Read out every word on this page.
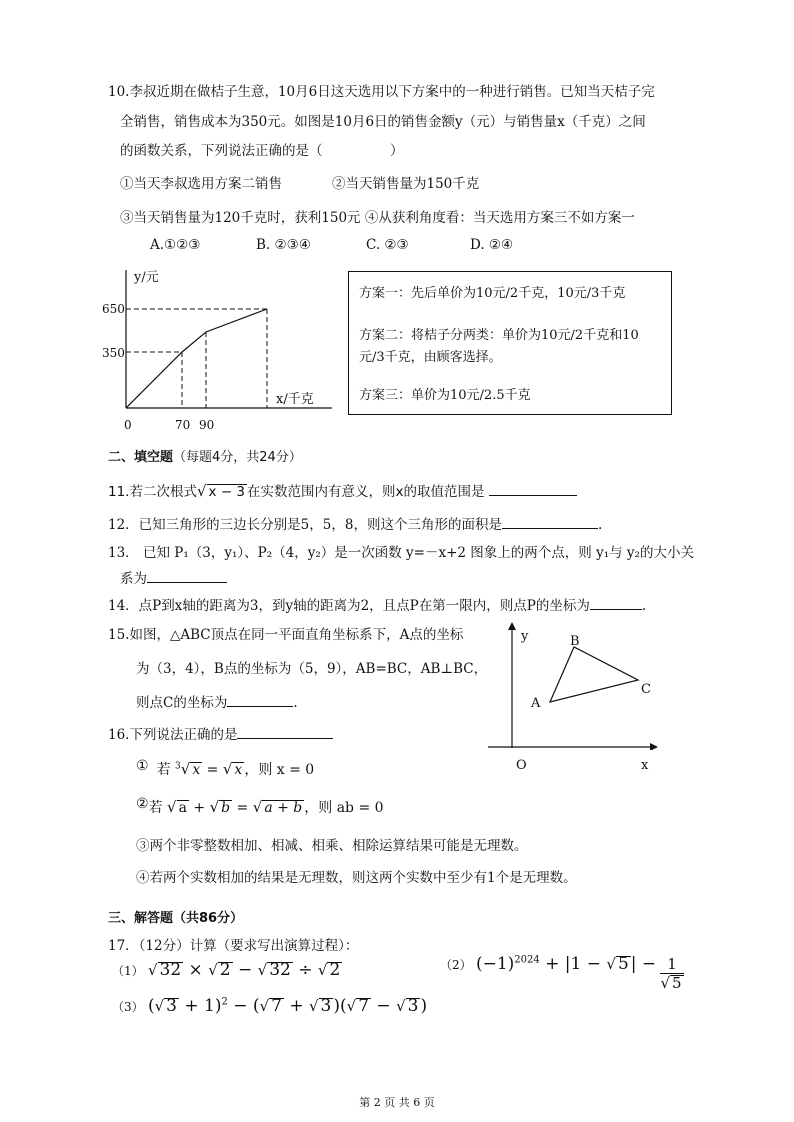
10.李叔近期在做桔子生意，10月6日这天选用以下方案中的一种进行销售。已知当天桔子完
全销售，销售成本为350元。如图是10月6日的销售金额y（元）与销售量x（千克）之间
的函数关系，下列说法正确的是（　　　　　）
①当天李叔选用方案二销售	②当天销售量为150千克
③当天销售量为120千克时，获利150元 ④从获利角度看：当天选用方案三不如方案一
A.①②③	B. ②③④	C. ②③	D. ②④
y/元
650
350
x/千克
0	70 90
方案一：先后单价为10元/2千克，10元/3千克
方案二：将桔子分两类：单价为10元/2千克和10
元/3千克，由顾客选择。
方案三：单价为10元/2.5千克
二、填空题（每题4分，共24分）
11.若二次根式√ x − 3 在实数范围内有意义，则x的取值范围是
12．已知三角形的三边长分别是5，5，8，则这个三角形的面积是	.
13． 已知 P₁（3，y₁）、P₂（4，y₂）是一次函数 y=－x+2 图象上的两个点，则 y₁与 y₂的大小关
系为
14．点P到x轴的距离为3，到y轴的距离为2，且点P在第一限内，则点P的坐标为	.
15.如图，△ABC顶点在同一平面直角坐标系下，A点的坐标
为（3，4），B点的坐标为（5，9），AB=BC，AB⊥BC，
则点C的坐标为	.
y	B
C
A
O	x
16.下列说法正确的是
① 若 $^3$√ x = √ x ，则 x = 0
②若 √ a + √ b = √ a + b ，则 ab = 0
③两个非零整数相加、相减、相乘、相除运算结果可能是无理数。
④若两个实数相加的结果是无理数，则这两个实数中至少有1个是无理数。
三、解答题（共86分）
17．（12分）计算（要求写出演算过程）：
（1） √ 32 × √ 2 − √ 32 ÷ √ 2	（2） $(-1)^{2024} + |1$ − √ 5 | − $\frac{1}{√ 5}$
（3） (√ 3 + 1)$^2$ − (√ 7 + √ 3 )(√ 7 − √ 3 )
第 2 页 共 6 页
